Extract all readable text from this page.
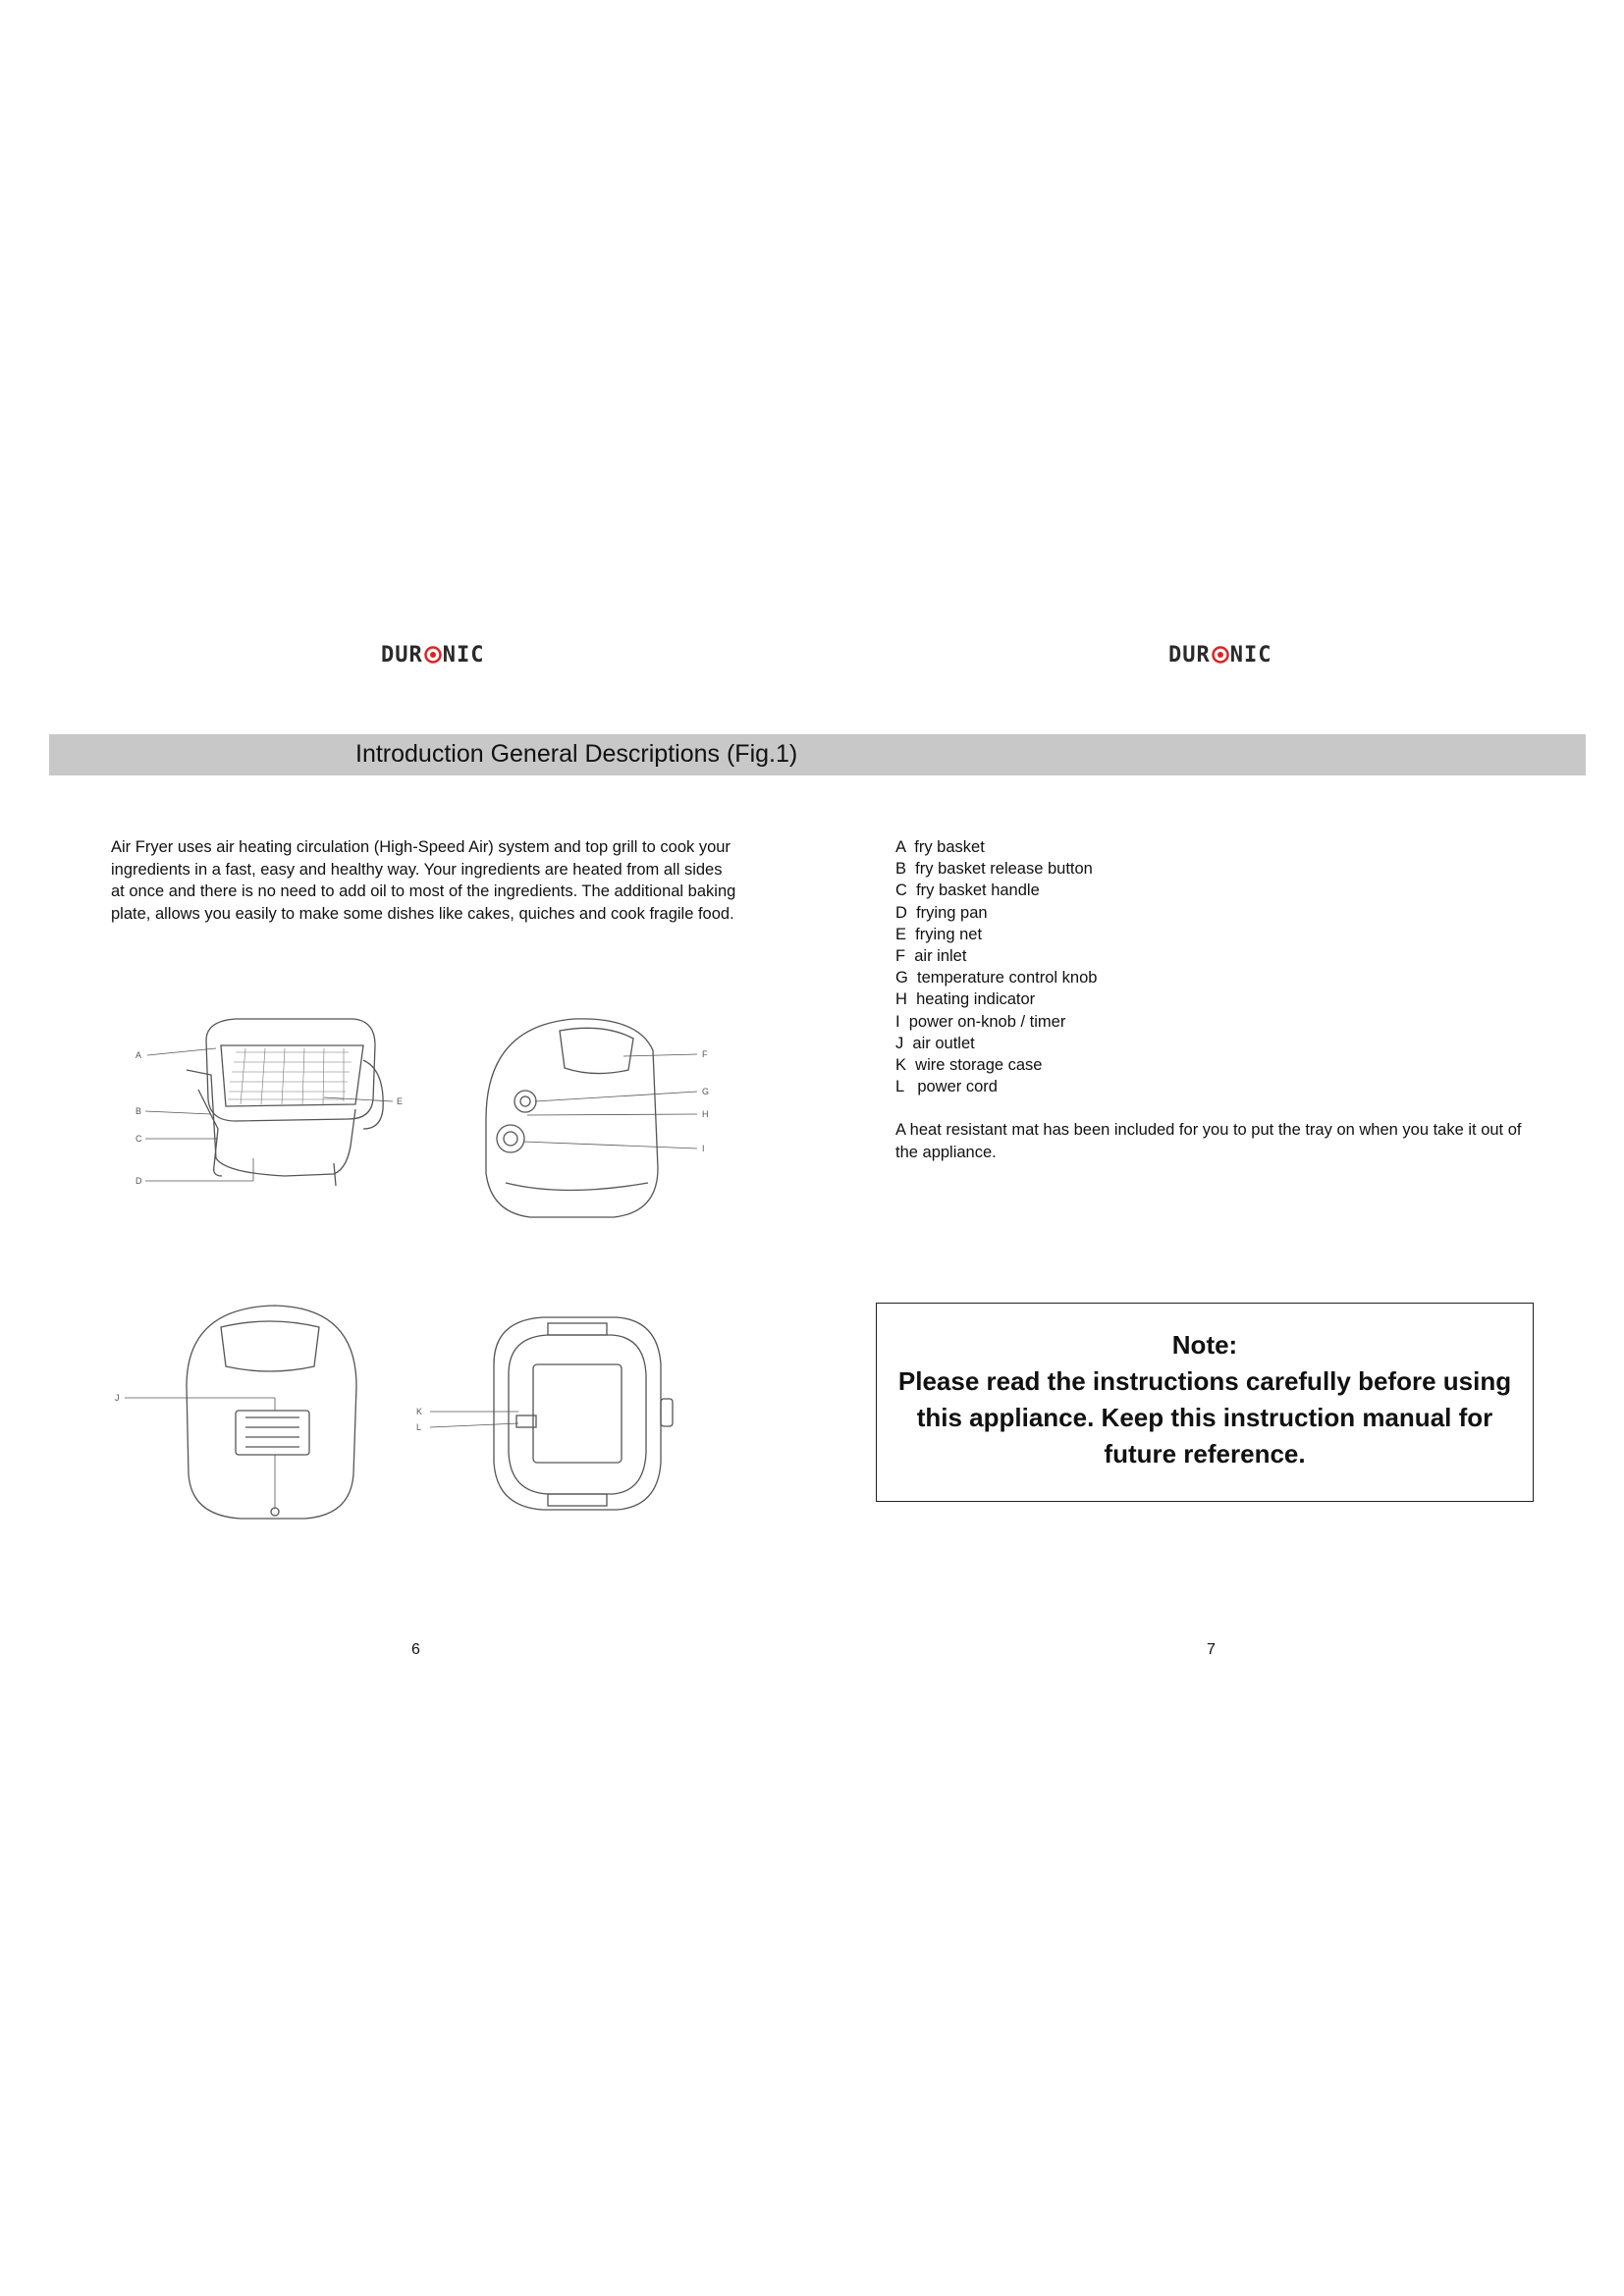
DUR NIC	DUR NIC
Introduction General Descriptions (Fig.1)

Air Fryer uses air heating circulation (High-Speed Air) system and top grill to cook your ingredients in a fast, easy and healthy way. Your ingredients are heated from all sides at once and there is no need to add oil to most of the ingredients. The additional baking plate, allows you easily to make some dishes like cakes, quiches and cook fragile food.

A  fry basket
B  fry basket release button
C  fry basket handle
D  frying pan
E  frying net
F  air inlet
G  temperature control knob
H  heating indicator
I  power on-knob / timer
J  air outlet
K  wire storage case
L   power cord

A heat resistant mat has been included for you to put the tray on when you take it out of the appliance.

Note:
Please read the instructions carefully before using this appliance. Keep this instruction manual for future reference.
A
B
C
D
E
F
G
H
I
J
K
L
6	7
